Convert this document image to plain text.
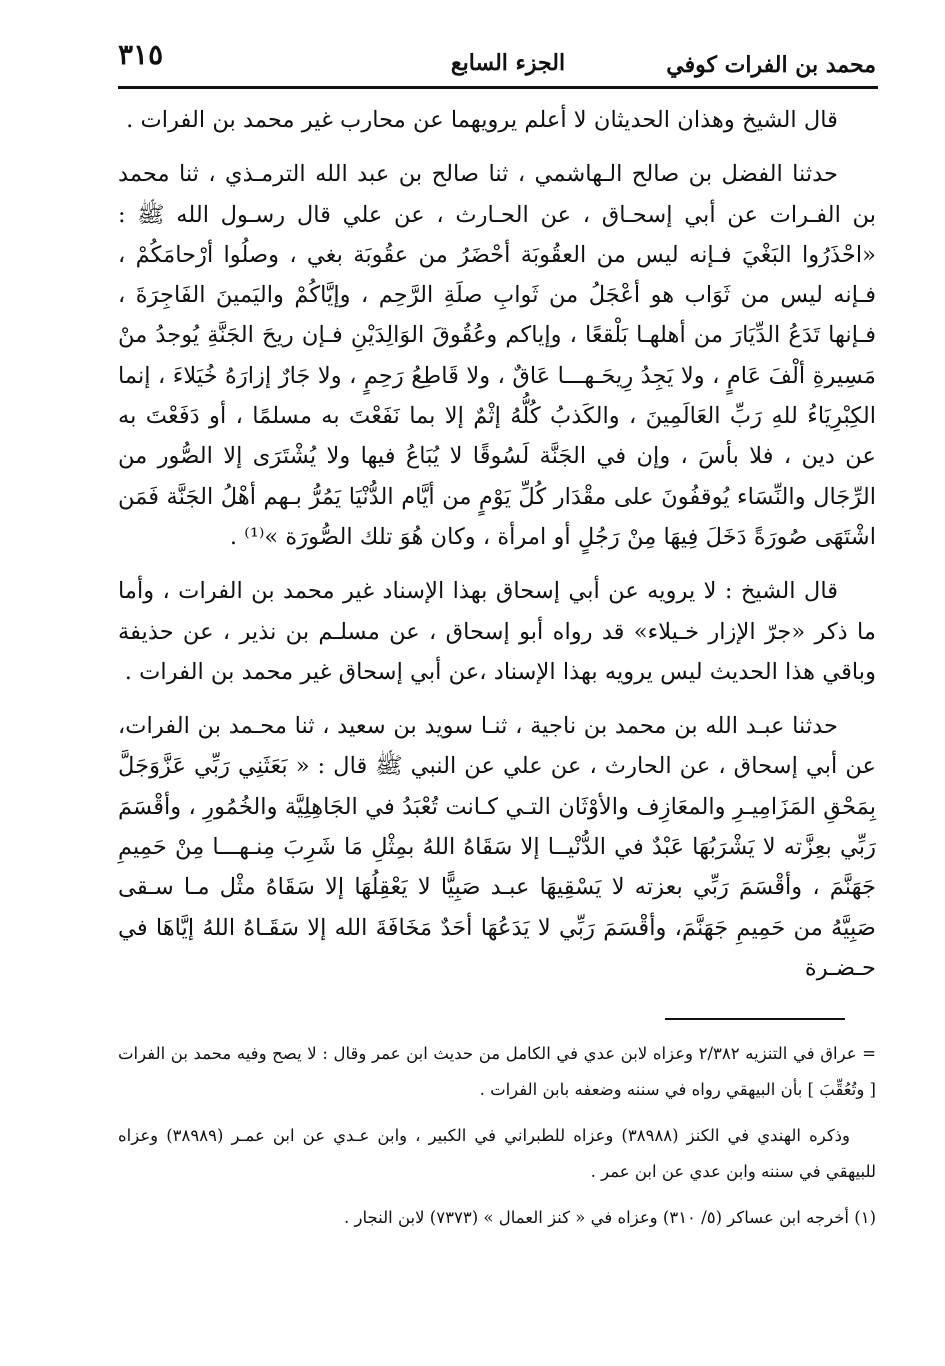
محمد بن الفرات كوفي
الجزء السابع
٣١٥

قال الشيخ وهذان الحديثان لا أعلم يرويهما عن محارب غير محمد بن الفرات .

حدثنا الفضل بن صالح الـهاشمي ، ثنا صالح بن عبد الله الترمـذي ، ثنا محمد بن الفـرات عن أبي إسحـاق ، عن الحـارث ، عن علي قال رسـول الله ﷺ : «احْذَرُوا البَغْيَ فـإنه ليس من العقُوبَة أحْضَرُ من عقُوبَة بغي ، وصلُوا أرْحامَكُمْ ، فـإنه ليس من ثَوَاب هو أعْجَلُ من ثَوابِ صلَةِ الرَّحِم ، وإيَّاكُمْ واليَمينَ الفَاجِرَةَ ، فـإنها تَدَعُ الدِّيَارَ من أهلهـا بَلْقعًا ، وإياكم وعُقُوقَ الوَالِدَيْنِ فـإن ريحَ الجَنَّةِ يُوجدُ منْ مَسِيرةِ ألْفَ عَامٍ ، ولا يَجِدُ رِيحَـهـــا عَاقٌ ، ولا قَاطِعُ رَحِمٍ ، ولا جَارٌ إزارَهُ خُيَلاءَ ، إنما الكِبْرِيَاءُ للهِ رَبِّ العَالَمِينَ ، والكَذبُ كُلُّهُ إثْمٌ إلا بما نَفَعْتَ به مسلمًا ، أو دَفَعْتَ به عن دين ، فلا بأسَ ، وإن في الجَنَّة لَسُوقًا لا يُبَاعُ فيها ولا يُشْتَرَى إلا الصُّور من الرِّجَال والنِّسَاء يُوقفُونَ على مقْدَار كُلِّ يَوْمٍ من أيَّام الدُّنْيَا يَمُرُّ بـهم أهْلُ الجَنَّة فَمَن اشْتَهَى صُورَةً دَخَلَ فِيهَا مِنْ رَجُلٍ أو امرأة ، وكان هُوَ تلك الصُّورَة »⁽¹⁾ .

قال الشيخ : لا يرويه عن أبي إسحاق بهذا الإسناد غير محمد بن الفرات ، وأما ما ذكر «جرّ الإزار خـيلاء» قد رواه أبو إسحاق ، عن مسلـم بن نذير ، عن حذيفة وباقي هذا الحديث ليس يرويه بهذا الإسناد ،عن أبي إسحاق غير محمد بن الفرات .

حدثنا عبـد الله بن محمد بن ناجية ، ثنـا سويد بن سعيد ، ثنا محـمد بن الفرات، عن أبي إسحاق ، عن الحارث ، عن علي عن النبي ﷺ قال : « بَعَثَنِي رَبِّي عَزَّوَجَلَّ بِمَحْقِ المَزَامِيـرِ والمعَازِف والأوْثَان التـي كـانت تُعْبَدُ في الجَاهِلِيَّة والخُمُورِ ، وأقْسَمَ رَبِّي بعِزَّته لا يَشْرَبُهَا عَبْدٌ في الدُّنْيــا إلا سَقَاهُ اللهُ بمِثْلِ مَا شَرِبَ مِنـهـــا مِنْ حَمِيمِ جَهَنَّمَ ، وأقْسَمَ رَبِّي بعزته لا يَسْقِيهَا عبـد صَبِيًّا لا يَعْقِلُهَا إلا سَقَاهُ مثْل مـا سـقى صَبِيَّهُ من حَمِيمِ جَهَنَّمَ، وأقْسَمَ رَبِّي لا يَدَعُهَا أحَدٌ مَخَافَةَ الله إلا سَقَـاهُ اللهُ إيَّاهَا في حـضـرة

= عراق في التنزيه ٢/٣٨٢ وعزاه لابن عدي في الكامل من حديث ابن عمر وقال : لا يصح وفيه محمد بن الفرات [ وتُعُقِّبَ ] بأن البيهقي رواه في سننه وضعفه بابن الفرات .

وذكره الهندي في الكنز (٣٨٩٨٨) وعزاه للطبراني في الكبير ، وابن عـدي عن ابن عمـر (٣٨٩٨٩) وعزاه للبيهقي في سننه وابن عدي عن ابن عمر .

(١) أخرجه ابن عساكر (٥/ ٣١٠) وعزاه في « كنز العمال » (٧٣٧٣) لابن النجار .
